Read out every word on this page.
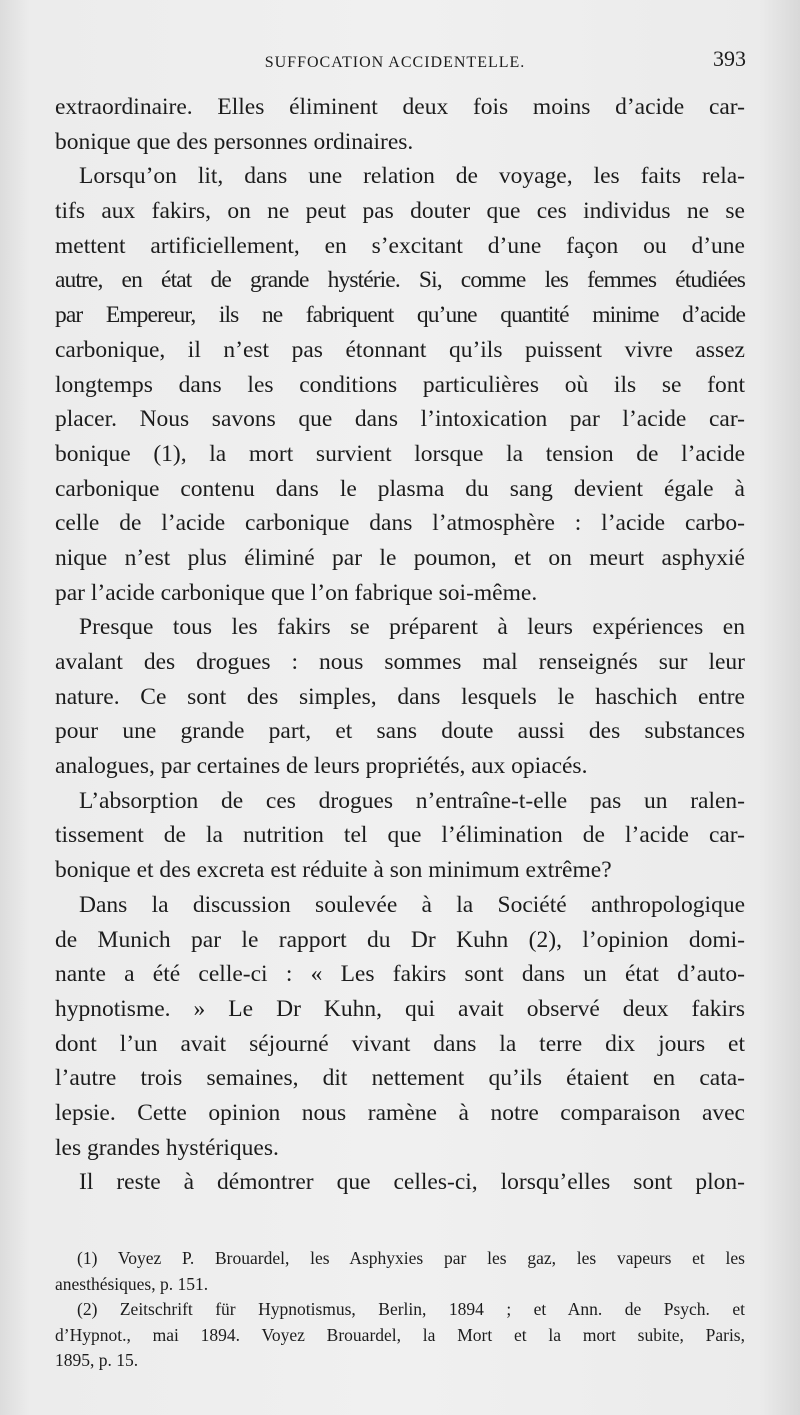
SUFFOCATION ACCIDENTELLE.	393
extraordinaire. Elles éliminent deux fois moins d’acide car-
bonique que des personnes ordinaires.
Lorsqu’on lit, dans une relation de voyage, les faits rela-
tifs aux fakirs, on ne peut pas douter que ces individus ne se
mettent artificiellement, en s’excitant d’une façon ou d’une
autre, en état de grande hystérie. Si, comme les femmes étudiées
par Empereur, ils ne fabriquent qu’une quantité minime d’acide
carbonique, il n’est pas étonnant qu’ils puissent vivre assez
longtemps dans les conditions particulières où ils se font
placer. Nous savons que dans l’intoxication par l’acide car-
bonique (1), la mort survient lorsque la tension de l’acide
carbonique contenu dans le plasma du sang devient égale à
celle de l’acide carbonique dans l’atmosphère : l’acide carbo-
nique n’est plus éliminé par le poumon, et on meurt asphyxié
par l’acide carbonique que l’on fabrique soi-même.
Presque tous les fakirs se préparent à leurs expériences en
avalant des drogues : nous sommes mal renseignés sur leur
nature. Ce sont des simples, dans lesquels le haschich entre
pour une grande part, et sans doute aussi des substances
analogues, par certaines de leurs propriétés, aux opiacés.
L’absorption de ces drogues n’entraîne-t-elle pas un ralen-
tissement de la nutrition tel que l’élimination de l’acide car-
bonique et des excreta est réduite à son minimum extrême?
Dans la discussion soulevée à la Société anthropologique
de Munich par le rapport du Dr Kuhn (2), l’opinion domi-
nante a été celle-ci : « Les fakirs sont dans un état d’auto-
hypnotisme. » Le Dr Kuhn, qui avait observé deux fakirs
dont l’un avait séjourné vivant dans la terre dix jours et
l’autre trois semaines, dit nettement qu’ils étaient en cata-
lepsie. Cette opinion nous ramène à notre comparaison avec
les grandes hystériques.
Il reste à démontrer que celles-ci, lorsqu’elles sont plon-
(1) Voyez P. Brouardel, les Asphyxies par les gaz, les vapeurs et les
anesthésiques, p. 151.
(2) Zeitschrift für Hypnotismus, Berlin, 1894 ; et Ann. de Psych. et
d’Hypnot., mai 1894. Voyez Brouardel, la Mort et la mort subite, Paris,
1895, p. 15.
